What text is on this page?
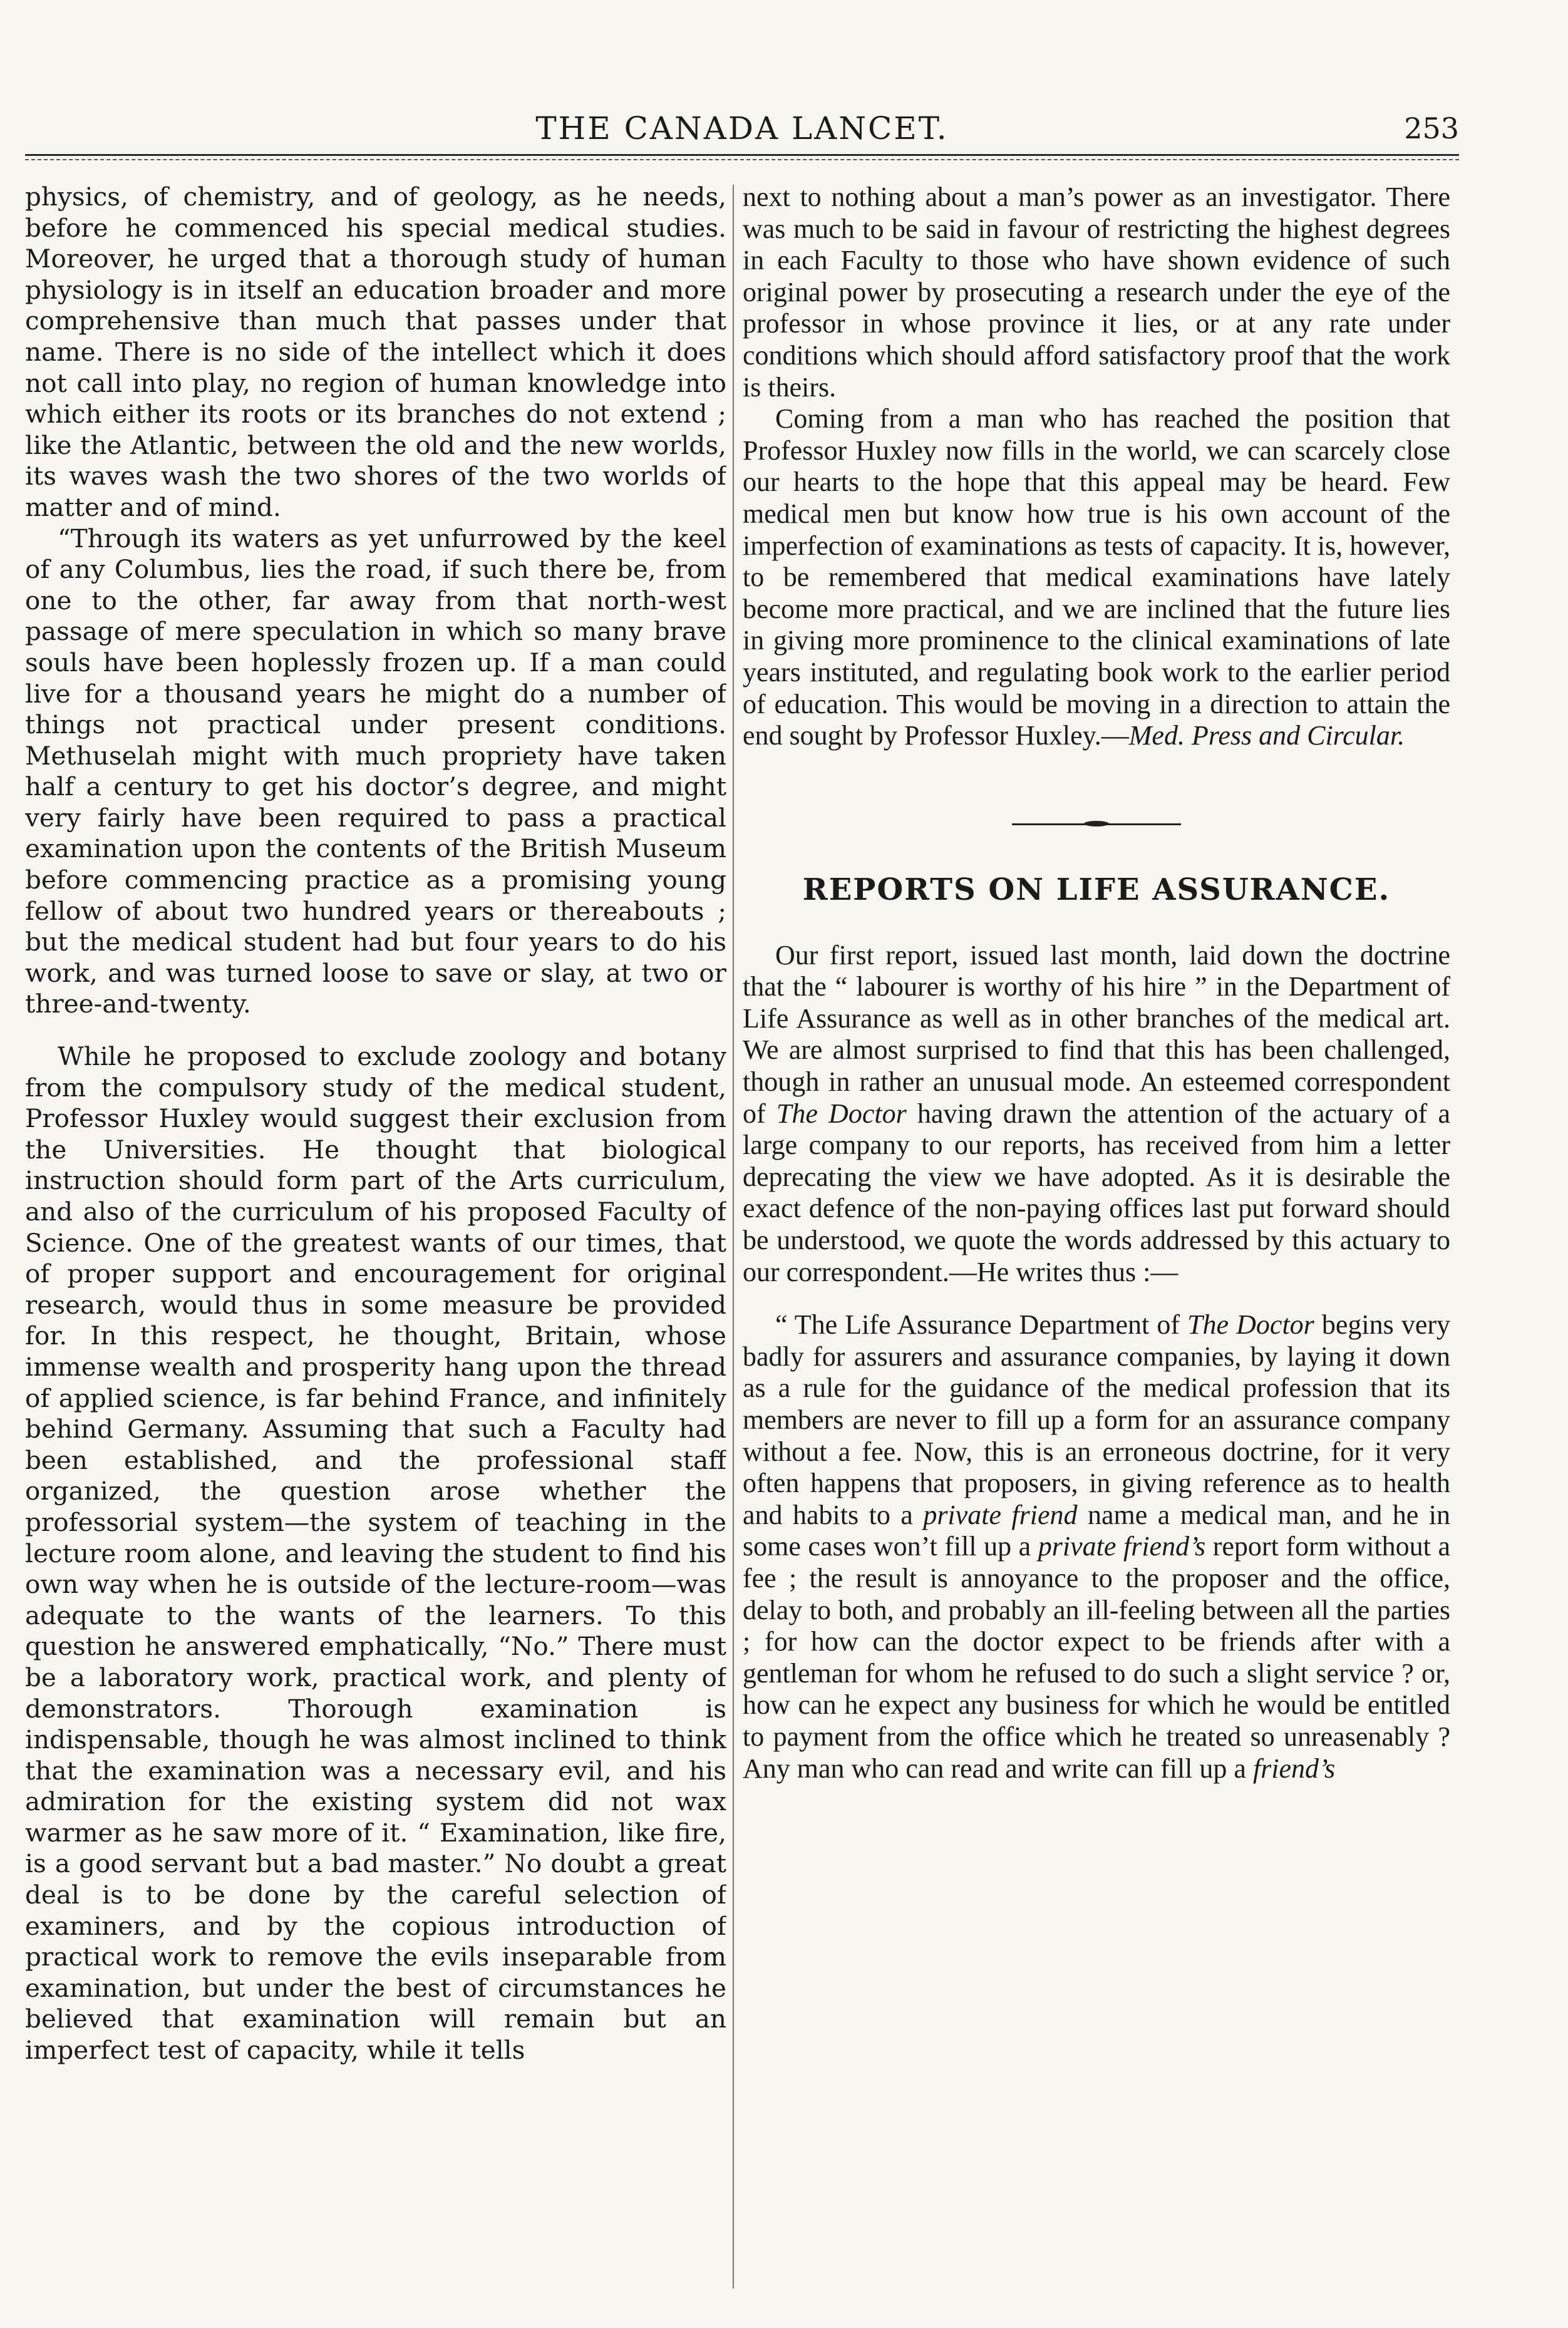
THE CANADA LANCET.	253

physics, of chemistry, and of geology, as he needs, before he commenced his special medical studies. Moreover, he urged that a thorough study of human physiology is in itself an education broader and more comprehensive than much that passes under that name. There is no side of the intellect which it does not call into play, no region of human knowledge into which either its roots or its branches do not extend ; like the Atlantic, between the old and the new worlds, its waves wash the two shores of the two worlds of matter and of mind.

“Through its waters as yet unfurrowed by the keel of any Columbus, lies the road, if such there be, from one to the other, far away from that north-west passage of mere speculation in which so many brave souls have been hoplessly frozen up. If a man could live for a thousand years he might do a number of things not practical under present conditions. Methuselah might with much propriety have taken half a century to get his doctor’s degree, and might very fairly have been required to pass a practical examination upon the contents of the British Museum before commencing practice as a promising young fellow of about two hundred years or thereabouts ; but the medical student had but four years to do his work, and was turned loose to save or slay, at two or three-and-twenty.

While he proposed to exclude zoology and botany from the compulsory study of the medical student, Professor Huxley would suggest their exclusion from the Universities. He thought that biological instruction should form part of the Arts curriculum, and also of the curriculum of his proposed Faculty of Science. One of the greatest wants of our times, that of proper support and encouragement for original research, would thus in some measure be provided for. In this respect, he thought, Britain, whose immense wealth and prosperity hang upon the thread of applied science, is far behind France, and infinitely behind Germany. Assuming that such a Faculty had been established, and the professional staff organized, the question arose whether the professorial system—the system of teaching in the lecture room alone, and leaving the student to find his own way when he is outside of the lecture-room—was adequate to the wants of the learners. To this question he answered emphatically, “No.” There must be a laboratory work, practical work, and plenty of demonstrators. Thorough examination is indispensable, though he was almost inclined to think that the examination was a necessary evil, and his admiration for the existing system did not wax warmer as he saw more of it. “ Examination, like fire, is a good servant but a bad master.” No doubt a great deal is to be done by the careful selection of examiners, and by the copious introduction of practical work to remove the evils inseparable from examination, but under the best of circumstances he believed that examination will remain but an imperfect test of capacity, while it tells

next to nothing about a man’s power as an investigator. There was much to be said in favour of restricting the highest degrees in each Faculty to those who have shown evidence of such original power by prosecuting a research under the eye of the professor in whose province it lies, or at any rate under conditions which should afford satisfactory proof that the work is theirs.

Coming from a man who has reached the position that Professor Huxley now fills in the world, we can scarcely close our hearts to the hope that this appeal may be heard. Few medical men but know how true is his own account of the imperfection of examinations as tests of capacity. It is, however, to be remembered that medical examinations have lately become more practical, and we are inclined that the future lies in giving more prominence to the clinical examinations of late years instituted, and regulating book work to the earlier period of education. This would be moving in a direction to attain the end sought by Professor Huxley.—Med. Press and Circular.

REPORTS ON LIFE ASSURANCE.

Our first report, issued last month, laid down the doctrine that the “ labourer is worthy of his hire ” in the Department of Life Assurance as well as in other branches of the medical art. We are almost surprised to find that this has been challenged, though in rather an unusual mode. An esteemed correspondent of The Doctor having drawn the attention of the actuary of a large company to our reports, has received from him a letter deprecating the view we have adopted. As it is desirable the exact defence of the non-paying offices last put forward should be understood, we quote the words addressed by this actuary to our correspondent.—He writes thus :—

“ The Life Assurance Department of The Doctor begins very badly for assurers and assurance companies, by laying it down as a rule for the guidance of the medical profession that its members are never to fill up a form for an assurance company without a fee. Now, this is an erroneous doctrine, for it very often happens that proposers, in giving reference as to health and habits to a private friend name a medical man, and he in some cases won’t fill up a private friend’s report form without a fee ; the result is annoyance to the proposer and the office, delay to both, and probably an ill-feeling between all the parties ; for how can the doctor expect to be friends after with a gentleman for whom he refused to do such a slight service ? or, how can he expect any business for which he would be entitled to payment from the office which he treated so unreasenably ? Any man who can read and write can fill up a friend’s
